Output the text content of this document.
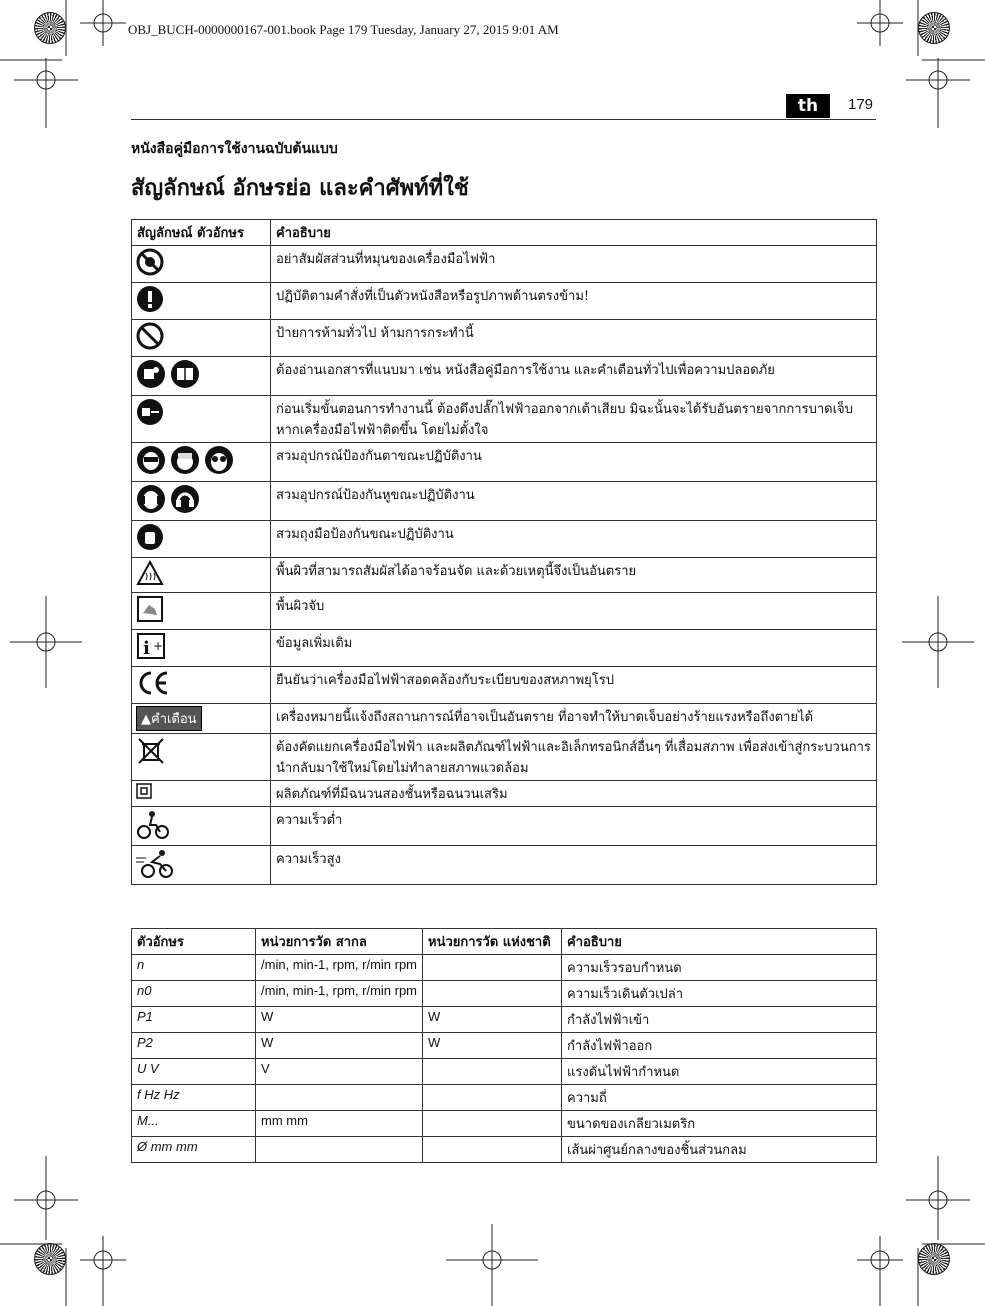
OBJ_BUCH-0000000167-001.book Page 179 Tuesday, January 27, 2015 9:01 AM
th	179
หนังสือคู่มือการใช้งานฉบับต้นแบบ
สัญลักษณ์ อักษรย่อ และคำศัพท์ที่ใช้
สัญลักษณ์ ตัวอักษร	คำอธิบาย
	อย่าสัมผัสส่วนที่หมุนของเครื่องมือไฟฟ้า
	ปฏิบัติตามคำสั่งที่เป็นตัวหนังสือหรือรูปภาพด้านตรงข้าม!
	ป้ายการห้ามทั่วไป ห้ามการกระทำนี้
	ต้องอ่านเอกสารที่แนบมา เช่น หนังสือคู่มือการใช้งาน และคำเตือนทั่วไปเพื่อความปลอดภัย
	ก่อนเริ่มขั้นตอนการทำงานนี้ ต้องดึงปลั๊กไฟฟ้าออกจากเต้าเสียบ มิฉะนั้นจะได้รับอันตรายจากการบาดเจ็บหากเครื่องมือไฟฟ้าติดขึ้น โดยไม่ตั้งใจ
	สวมอุปกรณ์ป้องกันตาขณะปฏิบัติงาน
	สวมอุปกรณ์ป้องกันหูขณะปฏิบัติงาน
	สวมถุงมือป้องกันขณะปฏิบัติงาน
	พื้นผิวที่สามารถสัมผัสได้อาจร้อนจัด และด้วยเหตุนี้จึงเป็นอันตราย
	พื้นผิวจับ

i +	ข้อมูลเพิ่มเติม
	ยืนยันว่าเครื่องมือไฟฟ้าสอดคล้องกับระเบียบของสหภาพยุโรป
▲คำเตือน	เครื่องหมายนี้แจ้งถึงสถานการณ์ที่อาจเป็นอันตราย ที่อาจทำให้บาดเจ็บอย่างร้ายแรงหรือถึงตายได้
	ต้องคัดแยกเครื่องมือไฟฟ้า และผลิตภัณฑ์ไฟฟ้าและอิเล็กทรอนิกส์อื่นๆ ที่เสื่อมสภาพ เพื่อส่งเข้าสู่กระบวนการนำกลับมาใช้ใหม่โดยไม่ทำลายสภาพแวดล้อม
	ผลิตภัณฑ์ที่มีฉนวนสองชั้นหรือฉนวนเสริม
	ความเร็วต่ำ
	ความเร็วสูง
ตัวอักษร	หน่วยการวัด สากล	หน่วยการวัด แห่งชาติ	คำอธิบาย
n	/min, min-1, rpm, r/min rpm		ความเร็วรอบกำหนด
n0	/min, min-1, rpm, r/min rpm		ความเร็วเดินตัวเปล่า
P1	W	W	กำลังไฟฟ้าเข้า
P2	W	W	กำลังไฟฟ้าออก
U V	V		แรงดันไฟฟ้ากำหนด
f Hz Hz			ความถี่
M...	mm mm		ขนาดของเกลียวเมตริก
Ø mm mm			เส้นผ่าศูนย์กลางของชิ้นส่วนกลม
